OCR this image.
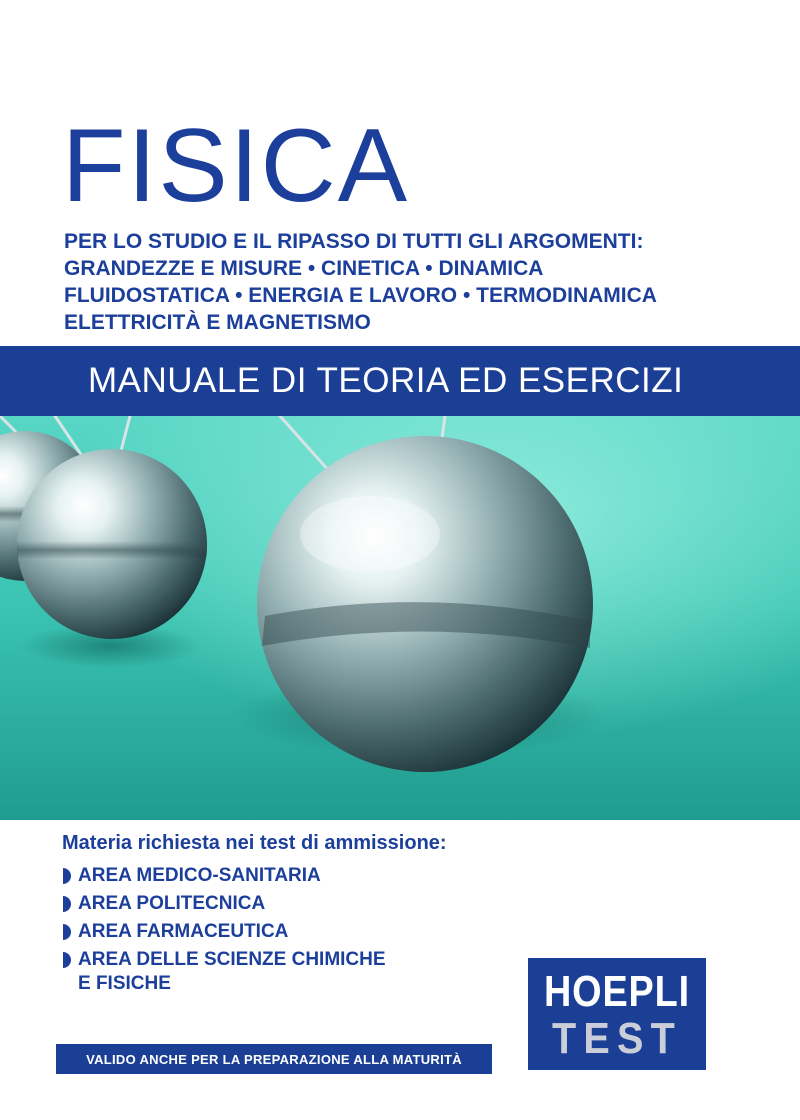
FISICA
PER LO STUDIO E IL RIPASSO DI TUTTI GLI ARGOMENTI:
GRANDEZZE E MISURE • CINETICA • DINAMICA
FLUIDOSTATICA • ENERGIA E LAVORO • TERMODINAMICA
ELETTRICITÀ E MAGNETISMO
MANUALE DI TEORIA ED ESERCIZI
Materia richiesta nei test di ammissione:
AREA MEDICO-SANITARIA
AREA POLITECNICA
AREA FARMACEUTICA
AREA DELLE SCIENZE CHIMICHE
E FISICHE
VALIDO ANCHE PER LA PREPARAZIONE ALLA MATURITÀ
HOEPLI
TEST
